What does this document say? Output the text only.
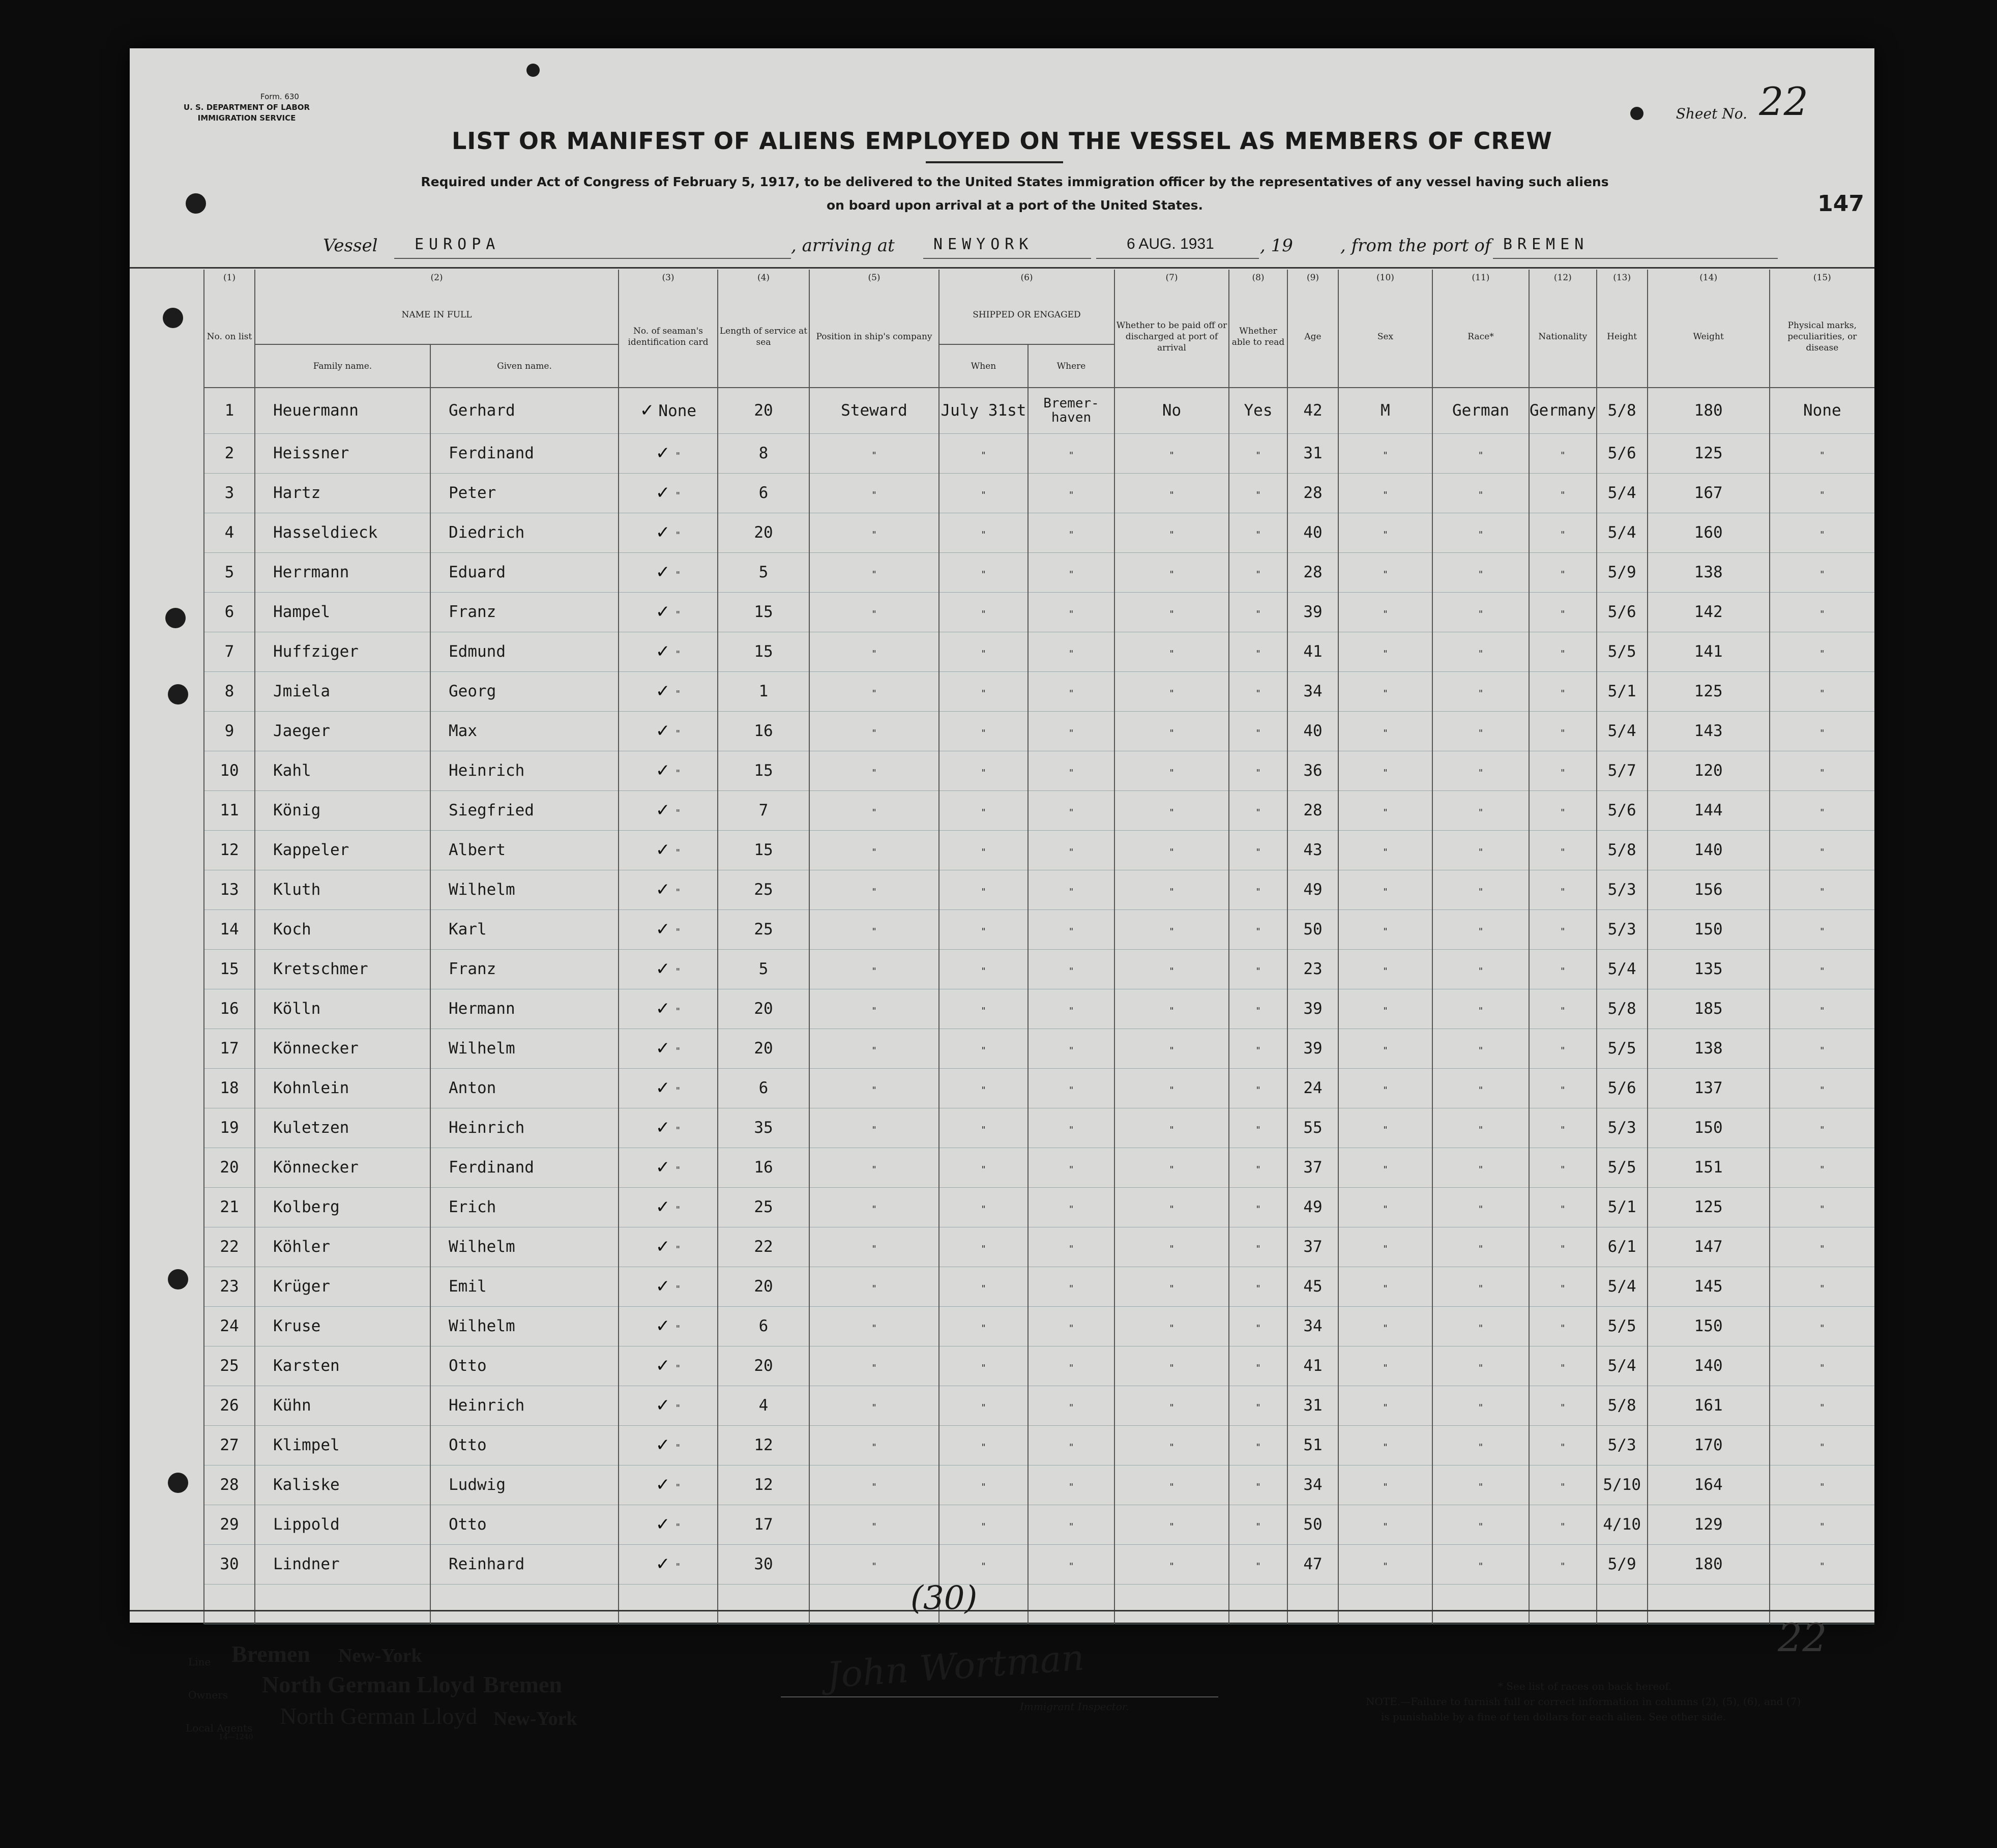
Form. 630
U. S. DEPARTMENT OF LABOR
IMMIGRATION SERVICE	Sheet No. 22
147
LIST OR MANIFEST OF ALIENS EMPLOYED ON THE VESSEL AS MEMBERS OF CREW
Required under Act of Congress of February 5, 1917, to be delivered to the United States immigration officer by the representatives of any vessel having such aliens
on board upon arrival at a port of the United States.
Vessel EUROPA	, arriving at	NEWYORK	6 AUG. 1931	, 19	, from the port of BREMEN
(1)	(2)		(3)	(4)	(5)	(6)		(7)	(8)	(9)	(10)	(11)	(12)	(13)	(14)	(15)
No. on list	NAME IN FULL		No. of seaman's identification card	Length of service at sea	Position in ship's company	SHIPPED OR ENGAGED		Whether to be paid off or discharged at port of arrival	Whether able to read	Age	Sex	Race*	Nationality	Height	Weight	Physical marks, peculiarities, or disease
	Family name.	Given name.				When	Where									
1	Heuermann	Gerhard	✓ None	20	Steward	July 31st	Bremer-haven	No	Yes	42	M	German	Germany	5/8	180	None
2	Heissner	Ferdinand	✓ "	8	"	"	"	"	"	31	"	"	"	5/6	125	"
3	Hartz	Peter	✓ "	6	"	"	"	"	"	28	"	"	"	5/4	167	"
4	Hasseldieck	Diedrich	✓ "	20	"	"	"	"	"	40	"	"	"	5/4	160	"
5	Herrmann	Eduard	✓ "	5	"	"	"	"	"	28	"	"	"	5/9	138	"
6	Hampel	Franz	✓ "	15	"	"	"	"	"	39	"	"	"	5/6	142	"
7	Huffziger	Edmund	✓ "	15	"	"	"	"	"	41	"	"	"	5/5	141	"
8	Jmiela	Georg	✓ "	1	"	"	"	"	"	34	"	"	"	5/1	125	"
9	Jaeger	Max	✓ "	16	"	"	"	"	"	40	"	"	"	5/4	143	"
10	Kahl	Heinrich	✓ "	15	"	"	"	"	"	36	"	"	"	5/7	120	"
11	König	Siegfried	✓ "	7	"	"	"	"	"	28	"	"	"	5/6	144	"
12	Kappeler	Albert	✓ "	15	"	"	"	"	"	43	"	"	"	5/8	140	"
13	Kluth	Wilhelm	✓ "	25	"	"	"	"	"	49	"	"	"	5/3	156	"
14	Koch	Karl	✓ "	25	"	"	"	"	"	50	"	"	"	5/3	150	"
15	Kretschmer	Franz	✓ "	5	"	"	"	"	"	23	"	"	"	5/4	135	"
16	Kölln	Hermann	✓ "	20	"	"	"	"	"	39	"	"	"	5/8	185	"
17	Könnecker	Wilhelm	✓ "	20	"	"	"	"	"	39	"	"	"	5/5	138	"
18	Kohnlein	Anton	✓ "	6	"	"	"	"	"	24	"	"	"	5/6	137	"
19	Kuletzen	Heinrich	✓ "	35	"	"	"	"	"	55	"	"	"	5/3	150	"
20	Könnecker	Ferdinand	✓ "	16	"	"	"	"	"	37	"	"	"	5/5	151	"
21	Kolberg	Erich	✓ "	25	"	"	"	"	"	49	"	"	"	5/1	125	"
22	Köhler	Wilhelm	✓ "	22	"	"	"	"	"	37	"	"	"	6/1	147	"
23	Krüger	Emil	✓ "	20	"	"	"	"	"	45	"	"	"	5/4	145	"
24	Kruse	Wilhelm	✓ "	6	"	"	"	"	"	34	"	"	"	5/5	150	"
25	Karsten	Otto	✓ "	20	"	"	"	"	"	41	"	"	"	5/4	140	"
26	Kühn	Heinrich	✓ "	4	"	"	"	"	"	31	"	"	"	5/8	161	"
27	Klimpel	Otto	✓ "	12	"	"	"	"	"	51	"	"	"	5/3	170	"
28	Kaliske	Ludwig	✓ "	12	"	"	"	"	"	34	"	"	"	5/10	164	"
29	Lippold	Otto	✓ "	17	"	"	"	"	"	50	"	"	"	4/10	129	"
30	Lindner	Reinhard	✓ "	30	"	"	"	"	"	47	"	"	"	5/9	180	"

Line Bremen New-York
Owners North German Lloyd Bremen
Local Agents
14—1240
North German Lloyd New-York
(30)
John Wortman
Immigrant Inspector.
* See list of races on back hereof.
NOTE.—Failure to furnish full or correct information in columns (2), (5), (6), and (7)
is punishable by a fine of ten dollars for each alien. See other side.
22
